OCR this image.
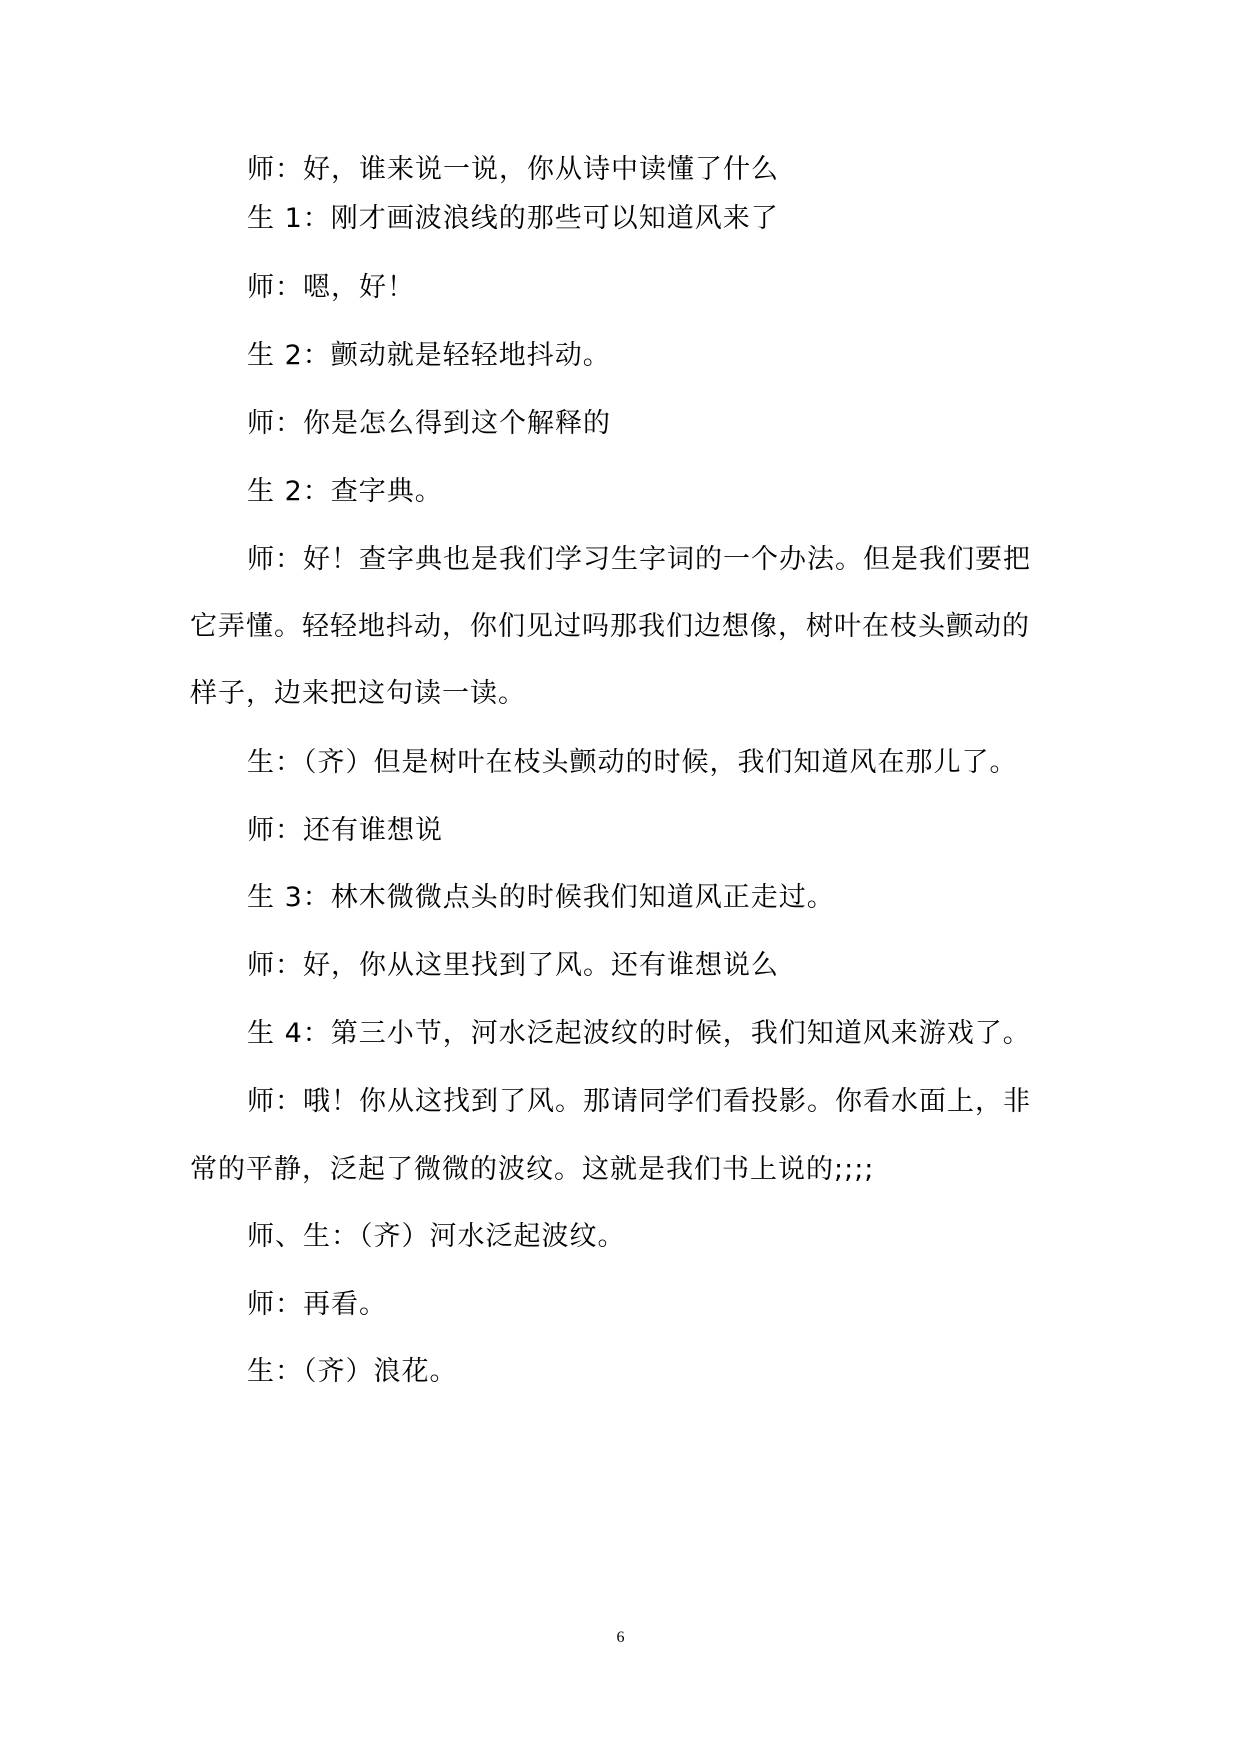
师：好，谁来说一说，你从诗中读懂了什么
生 1：刚才画波浪线的那些可以知道风来了
师：嗯，好！
生 2：颤动就是轻轻地抖动。
师：你是怎么得到这个解释的
生 2：查字典。
师：好！查字典也是我们学习生字词的一个办法。但是我们要把
它弄懂。轻轻地抖动，你们见过吗那我们边想像，树叶在枝头颤动的
样子，边来把这句读一读。
生：（齐）但是树叶在枝头颤动的时候，我们知道风在那儿了。
师：还有谁想说
生 3：林木微微点头的时候我们知道风正走过。
师：好，你从这里找到了风。还有谁想说么
生 4：第三小节，河水泛起波纹的时候，我们知道风来游戏了。
师：哦！你从这找到了风。那请同学们看投影。你看水面上，非
常的平静，泛起了微微的波纹。这就是我们书上说的;;;;
师、生：（齐）河水泛起波纹。
师：再看。
生：（齐）浪花。
6
